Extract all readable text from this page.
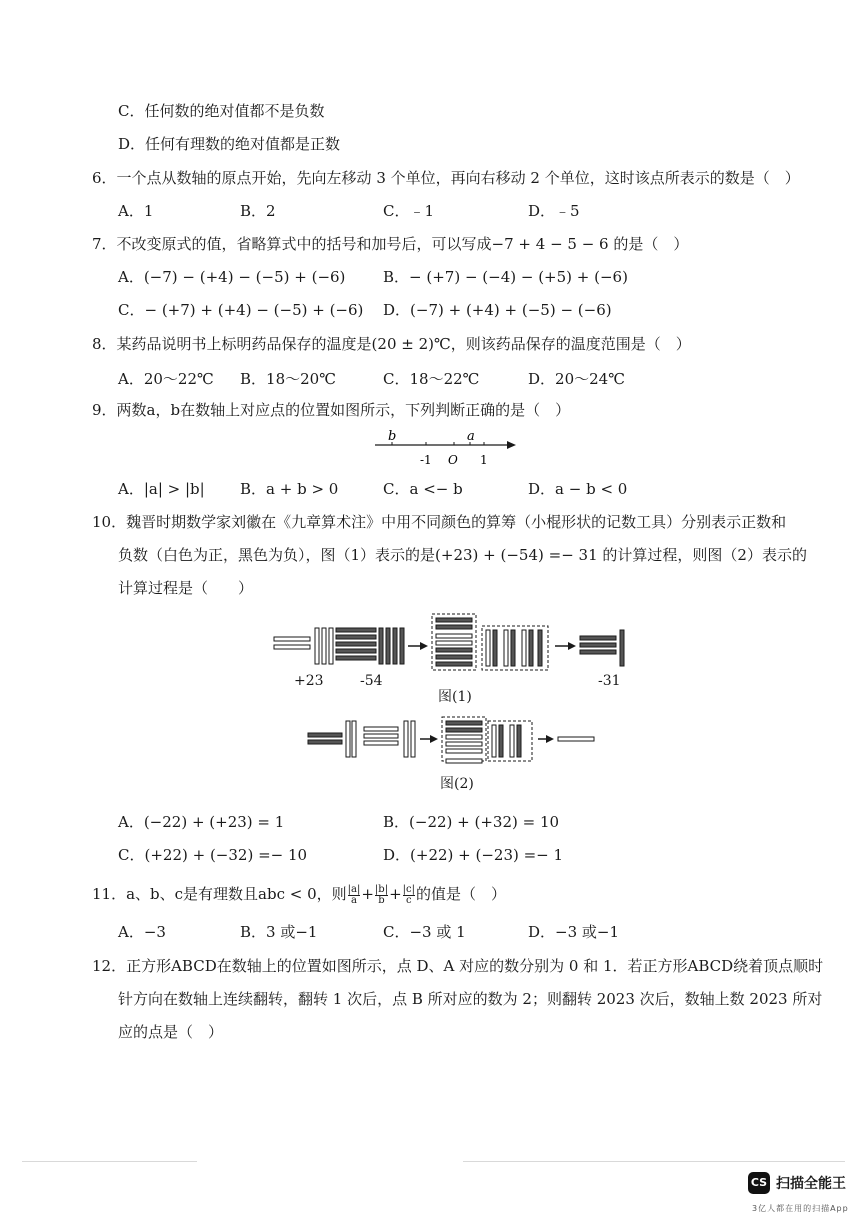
C．任何数的绝对值都不是负数
D．任何有理数的绝对值都是正数
6．一个点从数轴的原点开始，先向左移动 3 个单位，再向右移动 2 个单位，这时该点所表示的数是（　）
A．1	B．2	C．﹣1	D．﹣5
7．不改变原式的值，省略算式中的括号和加号后，可以写成−7 + 4 − 5 − 6 的是（　）
A．(−7) − (+4) − (−5) + (−6)	B．− (+7) − (−4) − (+5) + (−6)
C．− (+7) + (+4) − (−5) + (−6) D．(−7) + (+4) + (−5) − (−6)
8．某药品说明书上标明药品保存的温度是(20 ± 2)℃，则该药品保存的温度范围是（　）
A．20～22℃ B．18～20℃	C．18～22℃	D．20～24℃
9．两数a，b在数轴上对应点的位置如图所示，下列判断正确的是（　）
b	a
-1 O 1
A．|a| > |b| B．a + b > 0	C．a <− b	D．a − b < 0
10．魏晋时期数学家刘徽在《九章算术注》中用不同颜色的算筹（小棍形状的记数工具）分别表示正数和
负数（白色为正，黑色为负），图（1）表示的是(+23) + (−54) =− 31 的计算过程，则图（2）表示的
计算过程是（　　）
+23	-54	-31
图(1)
图(2)
A．(−22) + (+23) = 1	B．(−22) + (+32) = 10
C．(+22) + (−32) =− 10	D．(+22) + (−23) =− 1
11．a、b、c是有理数且abc < 0，则 $\frac{|a|}{a} + \frac{|b|}{b} + \frac{|c|}{c}$ 的值是（　）
A．−3	B．3 或−1	C．−3 或 1	D．−3 或−1
12．正方形ABCD在数轴上的位置如图所示，点 D、A 对应的数分别为 0 和 1．若正方形ABCD绕着顶点顺时
针方向在数轴上连续翻转，翻转 1 次后，点 B 所对应的数为 2；则翻转 2023 次后，数轴上数 2023 所对
应的点是（　）
CS 扫描全能王
3亿人都在用的扫描App
